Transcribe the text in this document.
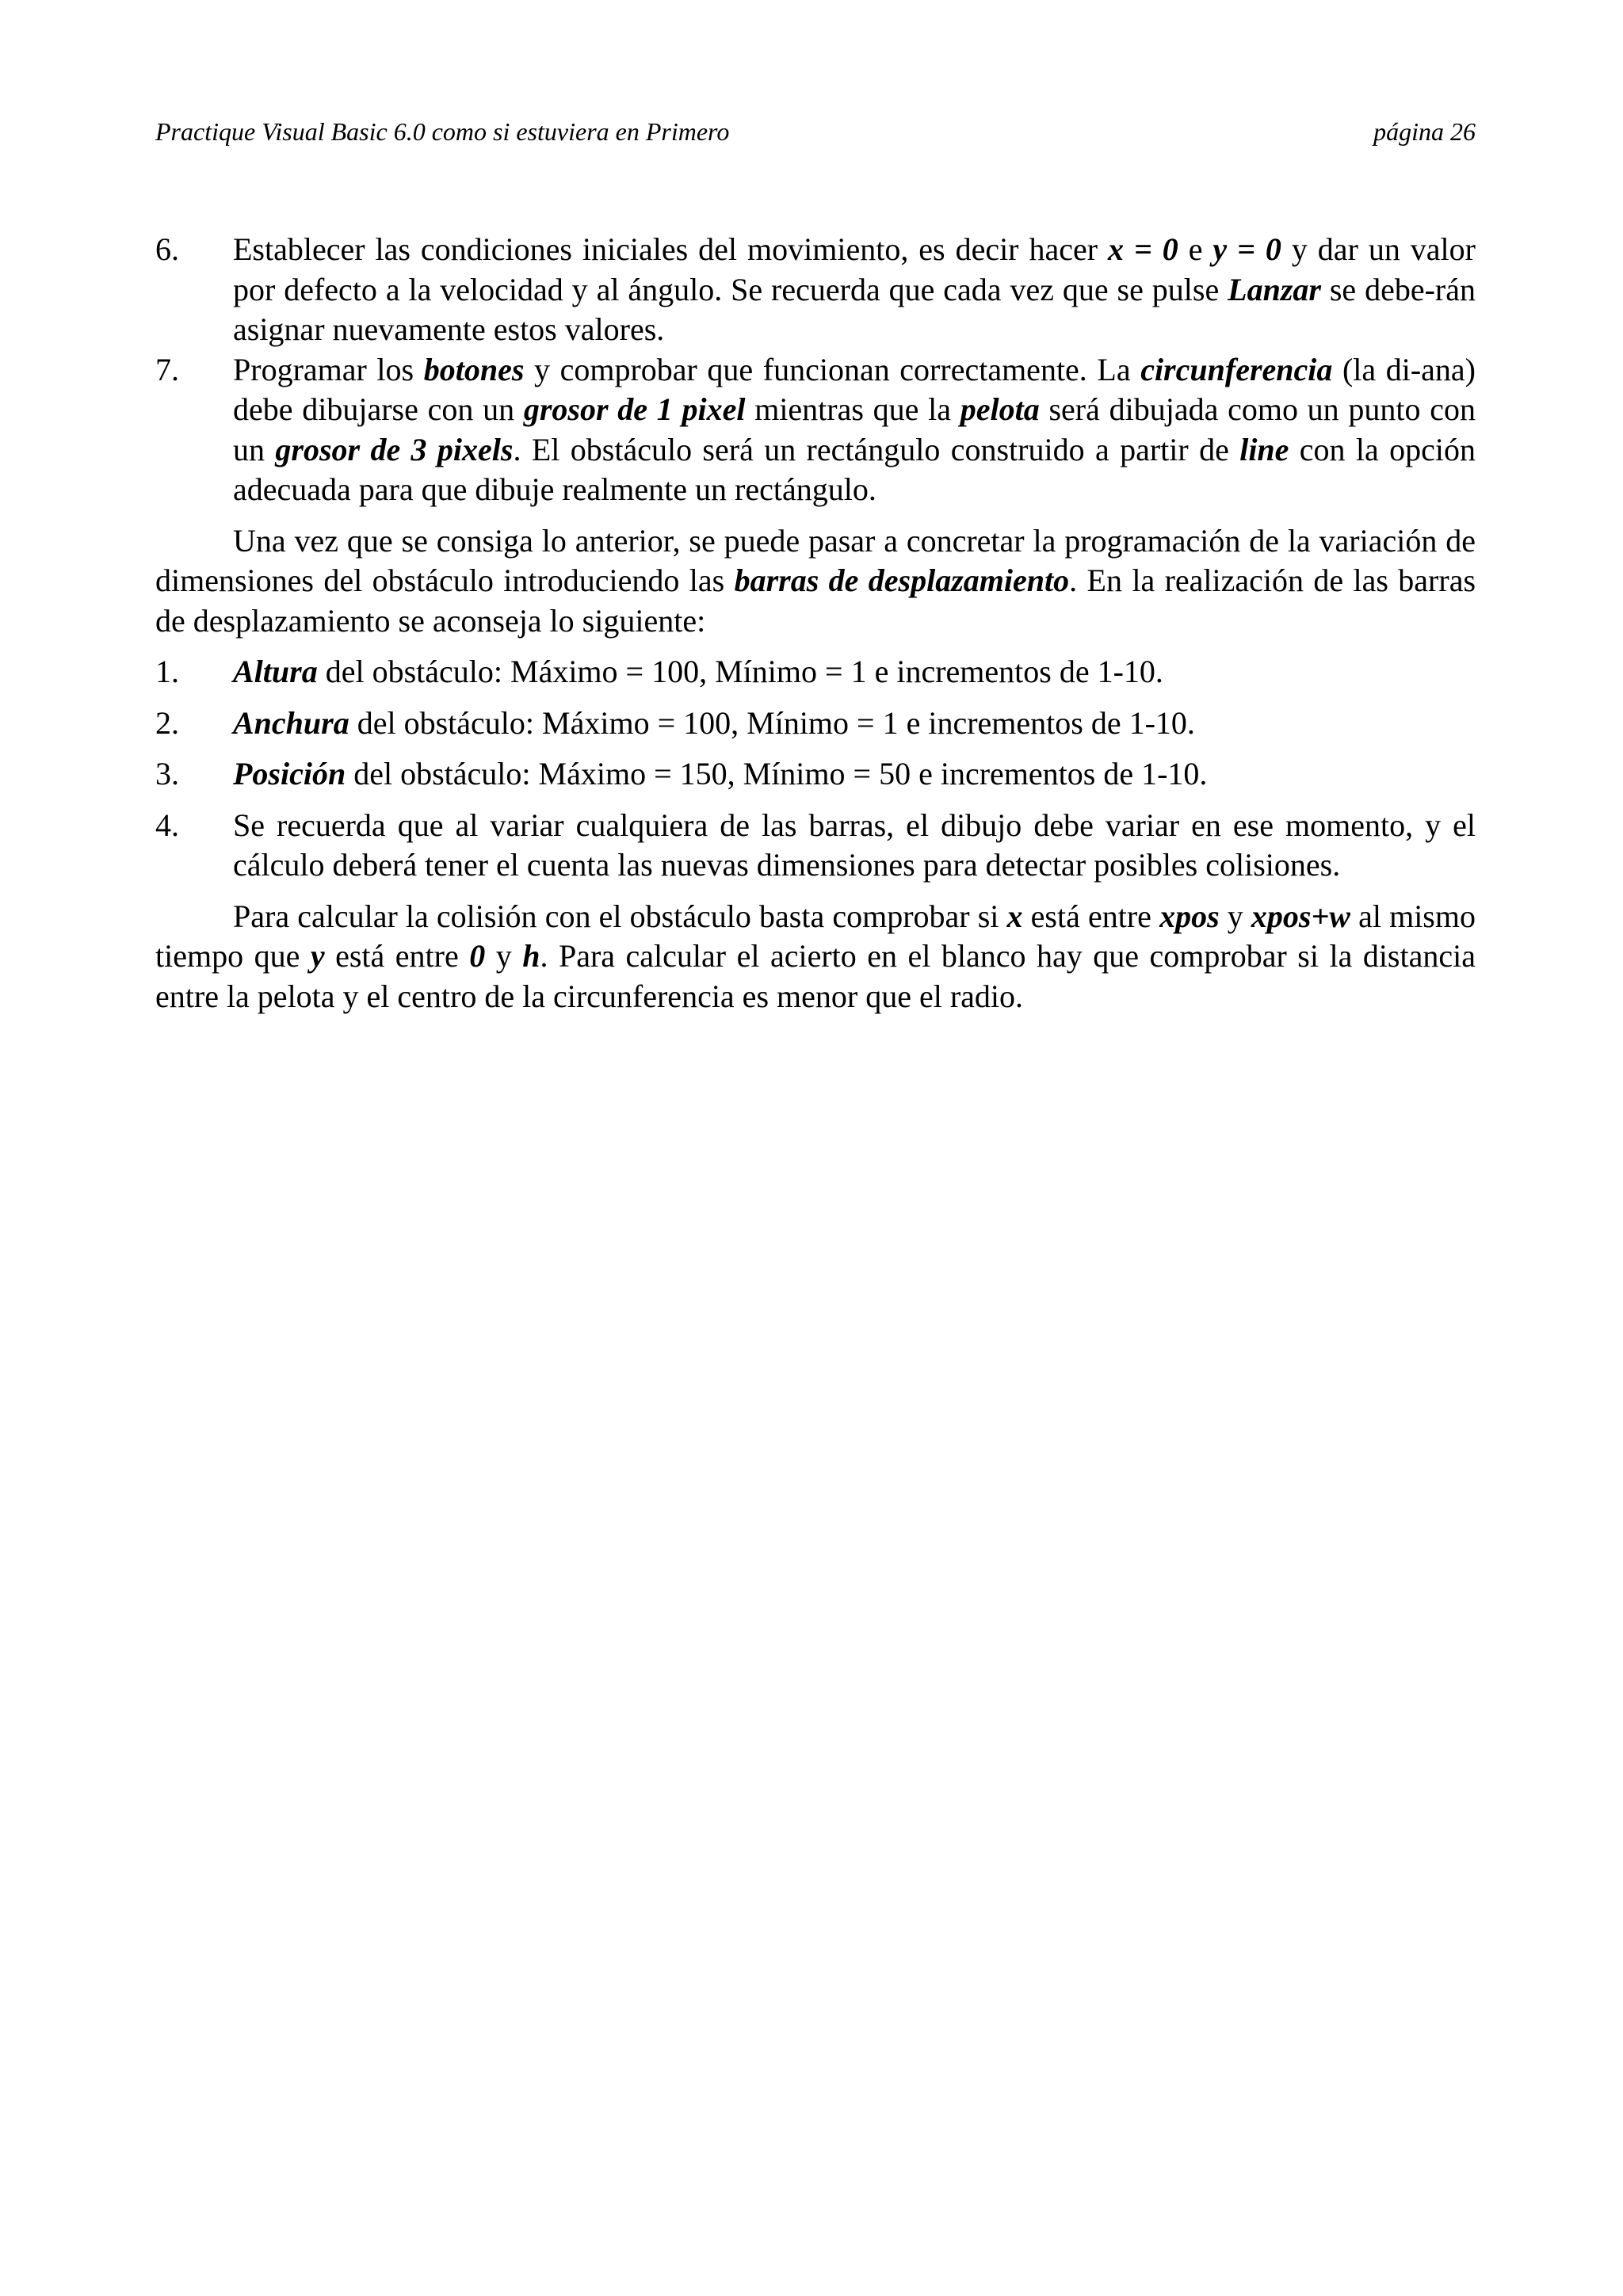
Practique Visual Basic 6.0 como si estuviera en Primero	página 26
6. Establecer las condiciones iniciales del movimiento, es decir hacer x = 0 e y = 0 y dar un valor por defecto a la velocidad y al ángulo. Se recuerda que cada vez que se pulse Lanzar se debe-rán asignar nuevamente estos valores.
7. Programar los botones y comprobar que funcionan correctamente. La circunferencia (la di-ana) debe dibujarse con un grosor de 1 pixel mientras que la pelota será dibujada como un punto con un grosor de 3 pixels. El obstáculo será un rectángulo construido a partir de line con la opción adecuada para que dibuje realmente un rectángulo.

Una vez que se consiga lo anterior, se puede pasar a concretar la programación de la variación de dimensiones del obstáculo introduciendo las barras de desplazamiento. En la realización de las barras de desplazamiento se aconseja lo siguiente:

1. Altura del obstáculo: Máximo = 100, Mínimo = 1 e incrementos de 1-10.
2. Anchura del obstáculo: Máximo = 100, Mínimo = 1 e incrementos de 1-10.
3. Posición del obstáculo: Máximo = 150, Mínimo = 50 e incrementos de 1-10.
4. Se recuerda que al variar cualquiera de las barras, el dibujo debe variar en ese momento, y el cálculo deberá tener el cuenta las nuevas dimensiones para detectar posibles colisiones.

Para calcular la colisión con el obstáculo basta comprobar si x está entre xpos y xpos+w al mismo tiempo que y está entre 0 y h. Para calcular el acierto en el blanco hay que comprobar si la distancia entre la pelota y el centro de la circunferencia es menor que el radio.
